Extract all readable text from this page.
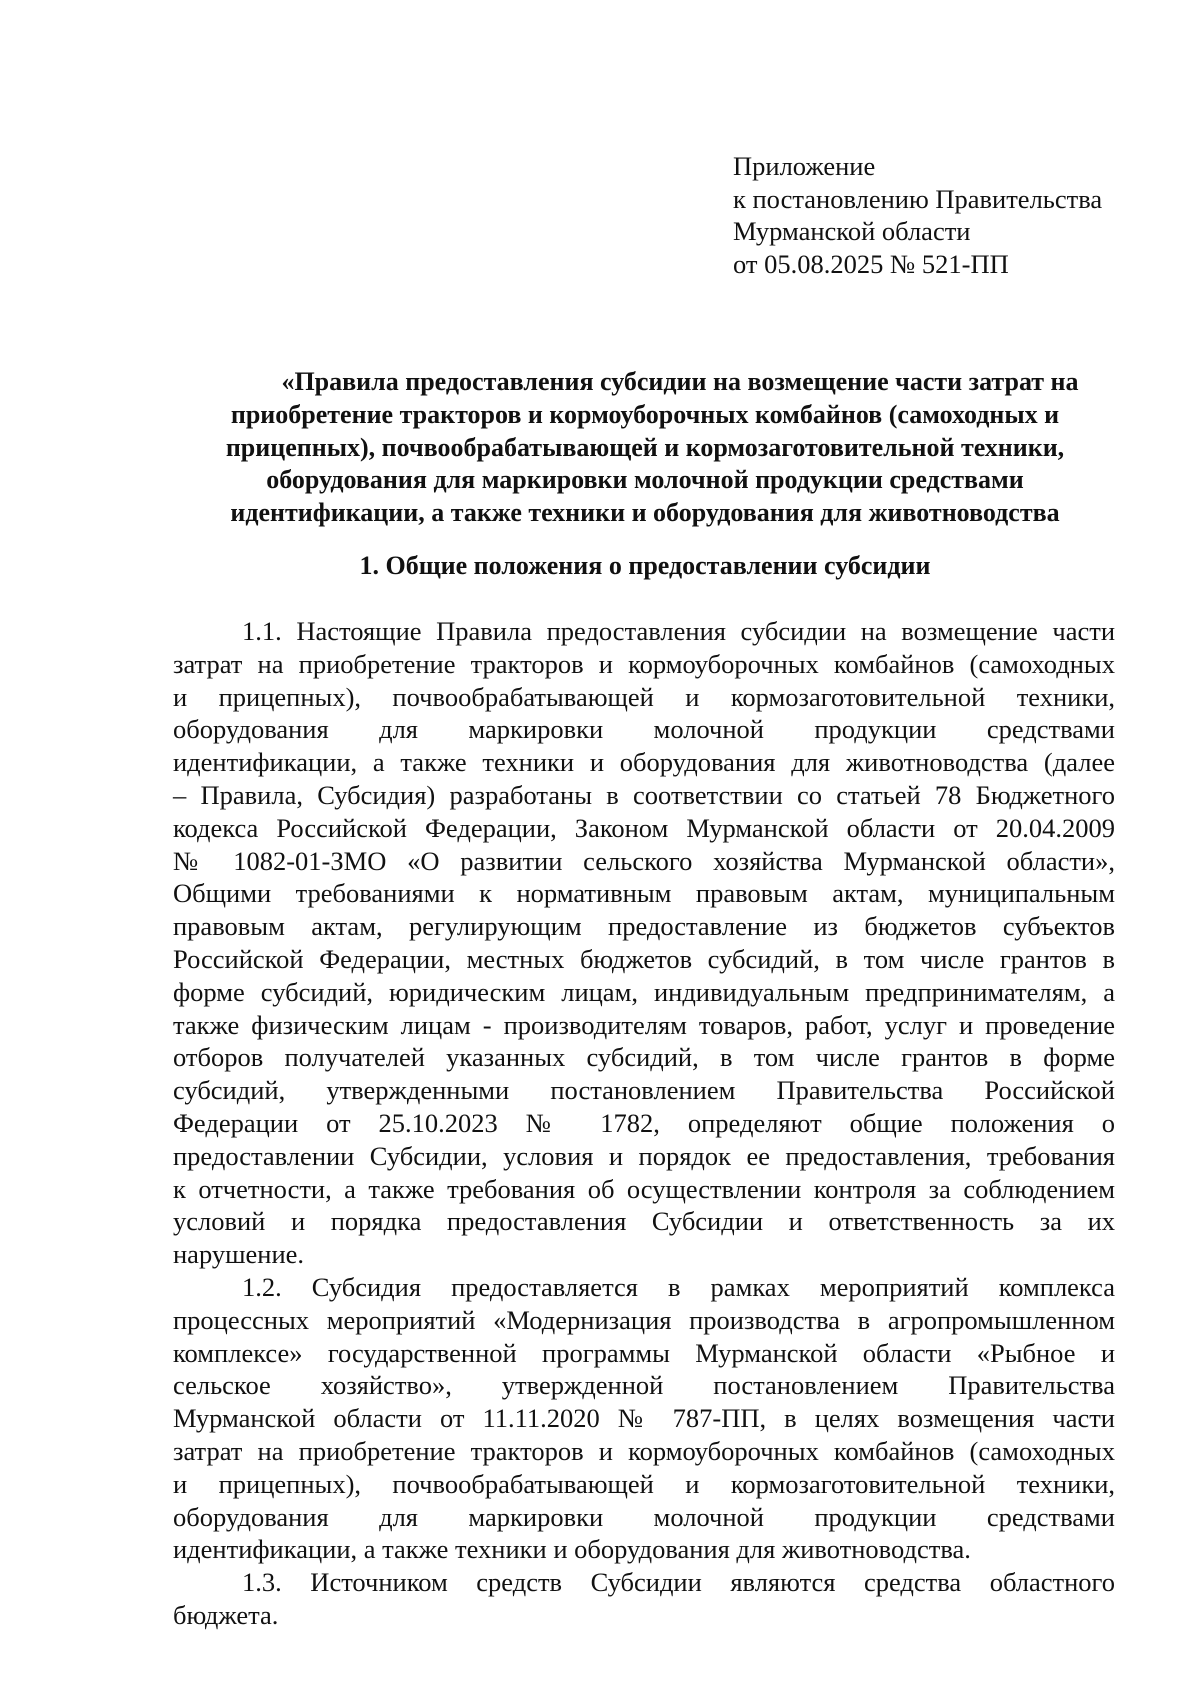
Приложение
к постановлению Правительства
Мурманской области
от 05.08.2025 № 521-ПП
«Правила предоставления субсидии на возмещение части затрат на
приобретение тракторов и кормоуборочных комбайнов (самоходных и
прицепных), почвообрабатывающей и кормозаготовительной техники,
оборудования для маркировки молочной продукции средствами
идентификации, а также техники и оборудования для животноводства
1. Общие положения о предоставлении субсидии
1.1. Настоящие Правила предоставления субсидии на возмещение части
затрат на приобретение тракторов и кормоуборочных комбайнов (самоходных
и прицепных), почвообрабатывающей и кормозаготовительной техники,
оборудования для маркировки молочной продукции средствами
идентификации, а также техники и оборудования для животноводства (далее
– Правила, Субсидия) разработаны в соответствии со статьей 78 Бюджетного
кодекса Российской Федерации, Законом Мурманской области от 20.04.2009
№ 1082-01-ЗМО «О развитии сельского хозяйства Мурманской области»,
Общими требованиями к нормативным правовым актам, муниципальным
правовым актам, регулирующим предоставление из бюджетов субъектов
Российской Федерации, местных бюджетов субсидий, в том числе грантов в
форме субсидий, юридическим лицам, индивидуальным предпринимателям, а
также физическим лицам - производителям товаров, работ, услуг и проведение
отборов получателей указанных субсидий, в том числе грантов в форме
субсидий, утвержденными постановлением Правительства Российской
Федерации от 25.10.2023 № 1782, определяют общие положения о
предоставлении Субсидии, условия и порядок ее предоставления, требования
к отчетности, а также требования об осуществлении контроля за соблюдением
условий и порядка предоставления Субсидии и ответственность за их
нарушение.
1.2. Субсидия предоставляется в рамках мероприятий комплекса
процессных мероприятий «Модернизация производства в агропромышленном
комплексе» государственной программы Мурманской области «Рыбное и
сельское хозяйство», утвержденной постановлением Правительства
Мурманской области от 11.11.2020 № 787-ПП, в целях возмещения части
затрат на приобретение тракторов и кормоуборочных комбайнов (самоходных
и прицепных), почвообрабатывающей и кормозаготовительной техники,
оборудования для маркировки молочной продукции средствами
идентификации, а также техники и оборудования для животноводства.
1.3. Источником средств Субсидии являются средства областного
бюджета.
